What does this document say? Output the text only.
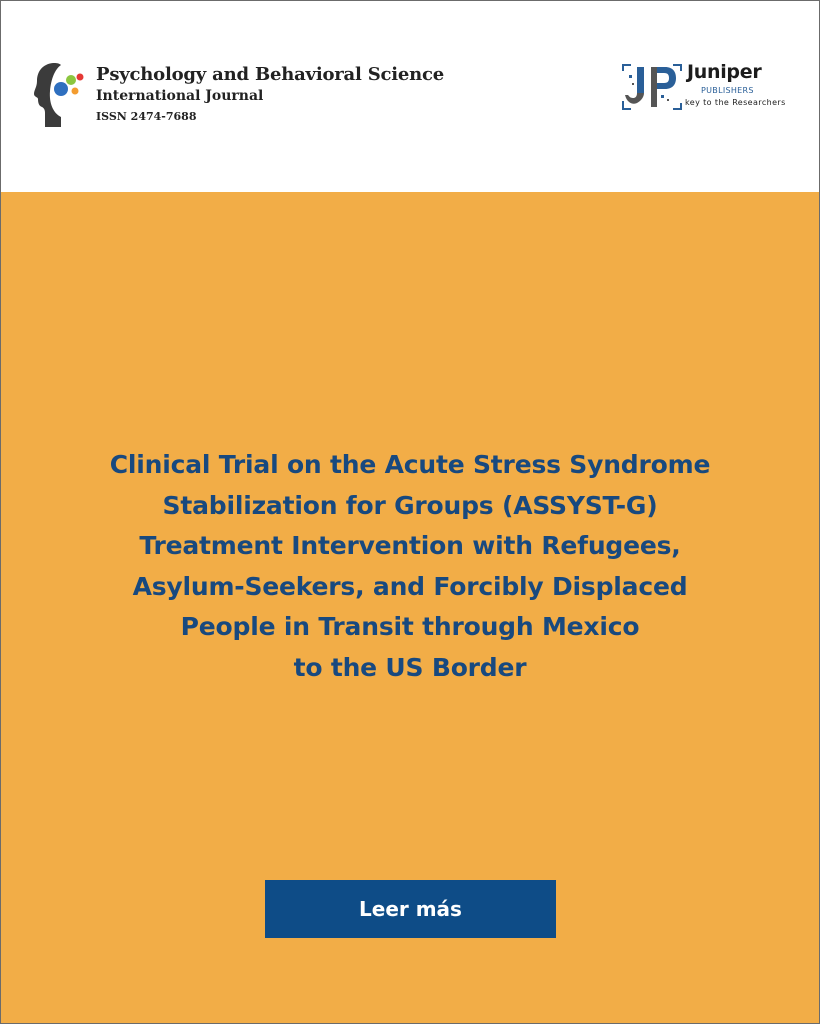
Psychology and Behavioral Science
International Journal
ISSN 2474-7688
Juniper
PUBLISHERS
key to the Researchers
Clinical Trial on the Acute Stress Syndrome
Stabilization for Groups (ASSYST-G)
Treatment Intervention with Refugees,
Asylum-Seekers, and Forcibly Displaced
People in Transit through Mexico
to the US Border
Leer más
